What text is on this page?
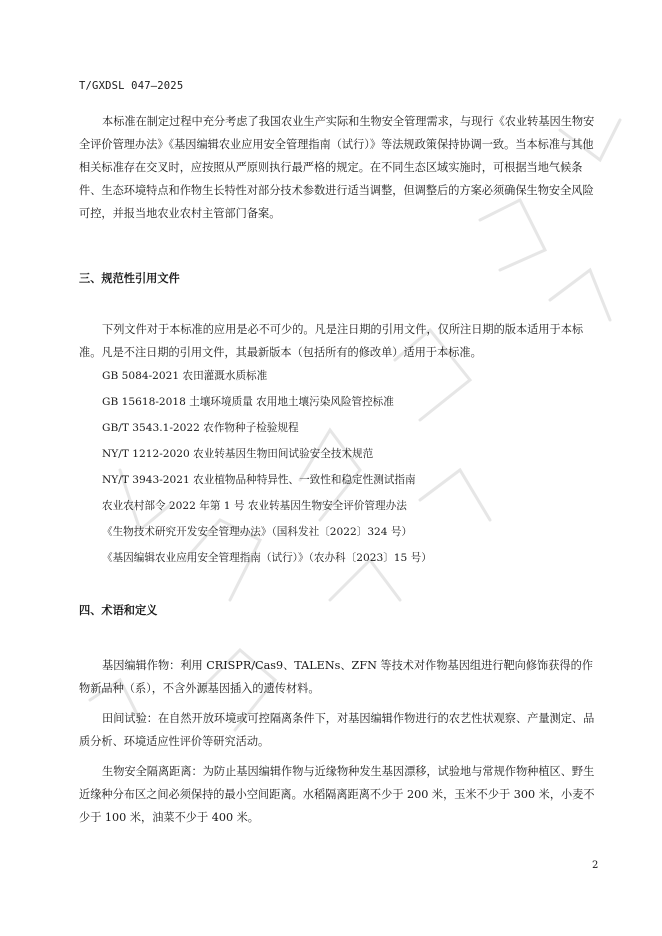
T/GXDSL 047—2025

本标准在制定过程中充分考虑了我国农业生产实际和生物安全管理需求，与现行《农业转基因生物安全评价管理办法》《基因编辑农业应用安全管理指南（试行）》等法规政策保持协调一致。当本标准与其他相关标准存在交叉时，应按照从严原则执行最严格的规定。在不同生态区域实施时，可根据当地气候条件、生态环境特点和作物生长特性对部分技术参数进行适当调整，但调整后的方案必须确保生物安全风险可控，并报当地农业农村主管部门备案。

三、规范性引用文件

下列文件对于本标准的应用是必不可少的。凡是注日期的引用文件，仅所注日期的版本适用于本标准。凡是不注日期的引用文件，其最新版本（包括所有的修改单）适用于本标准。

GB 5084-2021 农田灌溉水质标准
GB 15618-2018 土壤环境质量 农用地土壤污染风险管控标准
GB/T 3543.1-2022 农作物种子检验规程
NY/T 1212-2020 农业转基因生物田间试验安全技术规范
NY/T 3943-2021 农业植物品种特异性、一致性和稳定性测试指南
农业农村部令 2022 年第 1 号 农业转基因生物安全评价管理办法
《生物技术研究开发安全管理办法》（国科发社〔2022〕324 号）
《基因编辑农业应用安全管理指南（试行）》（农办科〔2023〕15 号）
四、术语和定义

基因编辑作物：利用 CRISPR/Cas9、TALENs、ZFN 等技术对作物基因组进行靶向修饰获得的作物新品种（系），不含外源基因插入的遗传材料。

田间试验：在自然开放环境或可控隔离条件下，对基因编辑作物进行的农艺性状观察、产量测定、品质分析、环境适应性评价等研究活动。

生物安全隔离距离：为防止基因编辑作物与近缘物种发生基因漂移，试验地与常规作物种植区、野生近缘种分布区之间必须保持的最小空间距离。水稻隔离距离不少于 200 米，玉米不少于 300 米，小麦不少于 100 米，油菜不少于 400 米。

2
